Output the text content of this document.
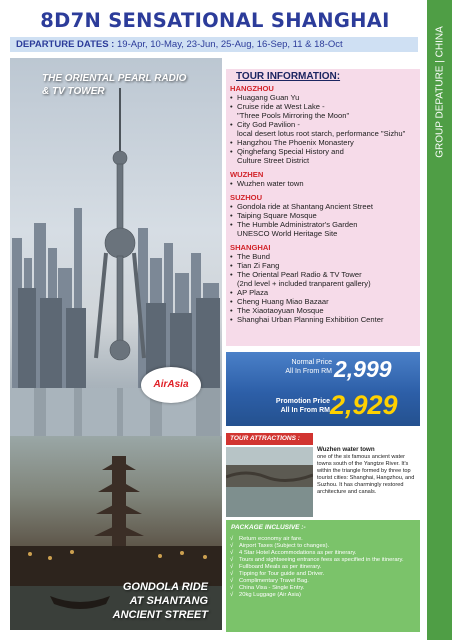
8D7N SENSATIONAL SHANGHAI
DEPARTURE DATES : 19-Apr, 10-May, 23-Jun, 25-Aug, 16-Sep, 11 & 18-Oct	GROUP DEPATURE | CHINA
THE ORIENTAL PEARL RADIO
& TV TOWER
AirAsia
GONDOLA RIDE
AT SHANTANG
ANCIENT STREET
TOUR INFORMATION:
HANGZHOU
• Huagang Guan Yu
• Cruise ride at West Lake -
"Three Pools Mirroring the Moon"
• City God Pavilion -
local desert lotus root starch, performance "Sizhu"
• Hangzhou The Phoenix Monastery
• Qinghefang Special History and
Culture Street District
WUZHEN
• Wuzhen water town
SUZHOU
• Gondola ride at Shantang Ancient Street
• Taiping Square Mosque
• The Humble Administrator's Garden
UNESCO World Heritage Site
SHANGHAI
• The Bund
• Tian Zi Fang
• The Oriental Pearl Radio & TV Tower
(2nd level + included tranparent gallery)
• AP Plaza
• Cheng Huang Miao Bazaar
• The Xiaotaoyuan Mosque
• Shanghai Urban Planning Exhibition Center
Normal Price
All In From RM 2,999
Promotion Price
All In From RM 2,929
TOUR ATTRACTIONS :
Wuzhen water town
one of the six famous ancient water towns south of the Yangtze River. It's within the triangle formed by three top tourist cities: Shanghai, Hangzhou, and Suzhou. It has charmingly restored architecture and canals.
PACKAGE INCLUSIVE :-
√ Return economy air fare.
√ Airport Taxes (Subject to changes).
√ 4 Star Hotel Accommodations as per itinerary.
√ Tours and sightseeing entrance fees as specified in the itinerary.
√ Fullboard Meals as per itinerary.
√ Tipping for Tour guide and Driver.
√ Complimentary Travel Bag.
√ China Visa - Single Entry.
√ 20kg Luggage (Air Asia)
